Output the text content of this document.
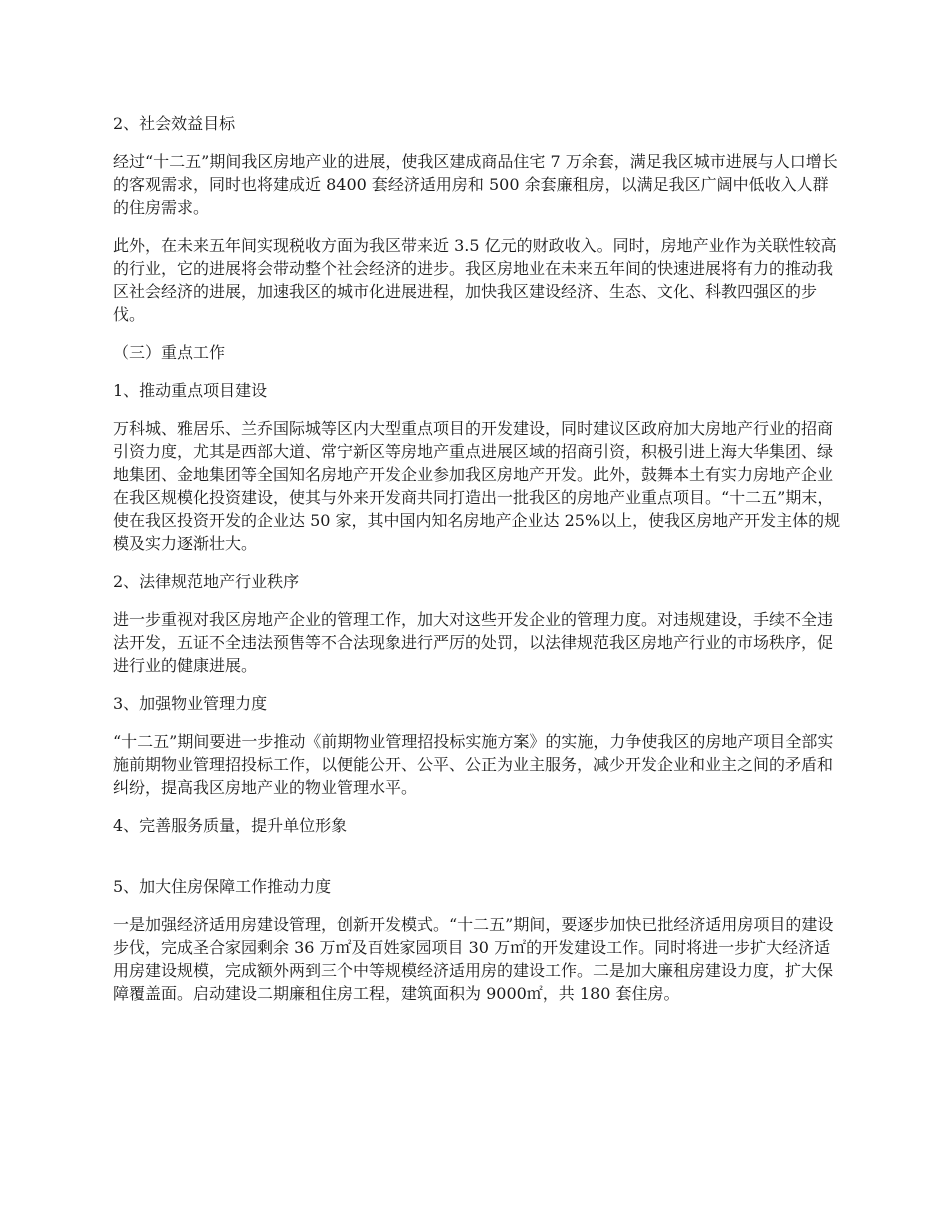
2、社会效益目标

经过“十二五”期间我区房地产业的进展，使我区建成商品住宅 7 万余套，满足我区城市进展与人口增长的客观需求，同时也将建成近 8400 套经济适用房和 500 余套廉租房，以满足我区广阔中低收入人群的住房需求。

此外，在未来五年间实现税收方面为我区带来近 3.5 亿元的财政收入。同时，房地产业作为关联性较高的行业，它的进展将会带动整个社会经济的进步。我区房地业在未来五年间的快速进展将有力的推动我区社会经济的进展，加速我区的城市化进展进程，加快我区建设经济、生态、文化、科教四强区的步伐。

（三）重点工作

1、推动重点项目建设

万科城、雅居乐、兰乔国际城等区内大型重点项目的开发建设，同时建议区政府加大房地产行业的招商引资力度，尤其是西部大道、常宁新区等房地产重点进展区域的招商引资，积极引进上海大华集团、绿地集团、金地集团等全国知名房地产开发企业参加我区房地产开发。此外，鼓舞本土有实力房地产企业在我区规模化投资建设，使其与外来开发商共同打造出一批我区的房地产业重点项目。“十二五”期末，使在我区投资开发的企业达 50 家，其中国内知名房地产企业达 25%以上，使我区房地产开发主体的规模及实力逐渐壮大。

2、法律规范地产行业秩序

进一步重视对我区房地产企业的管理工作，加大对这些开发企业的管理力度。对违规建设，手续不全违法开发，五证不全违法预售等不合法现象进行严厉的处罚，以法律规范我区房地产行业的市场秩序，促进行业的健康进展。

3、加强物业管理力度

“十二五”期间要进一步推动《前期物业管理招投标实施方案》的实施，力争使我区的房地产项目全部实施前期物业管理招投标工作，以便能公开、公平、公正为业主服务，减少开发企业和业主之间的矛盾和纠纷，提高我区房地产业的物业管理水平。

4、完善服务质量，提升单位形象

5、加大住房保障工作推动力度

一是加强经济适用房建设管理，创新开发模式。“十二五”期间，要逐步加快已批经济适用房项目的建设步伐，完成圣合家园剩余 36 万㎡及百姓家园项目 30 万㎡的开发建设工作。同时将进一步扩大经济适用房建设规模，完成额外两到三个中等规模经济适用房的建设工作。二是加大廉租房建设力度，扩大保障覆盖面。启动建设二期廉租住房工程，建筑面积为 9000㎡，共 180 套住房。
